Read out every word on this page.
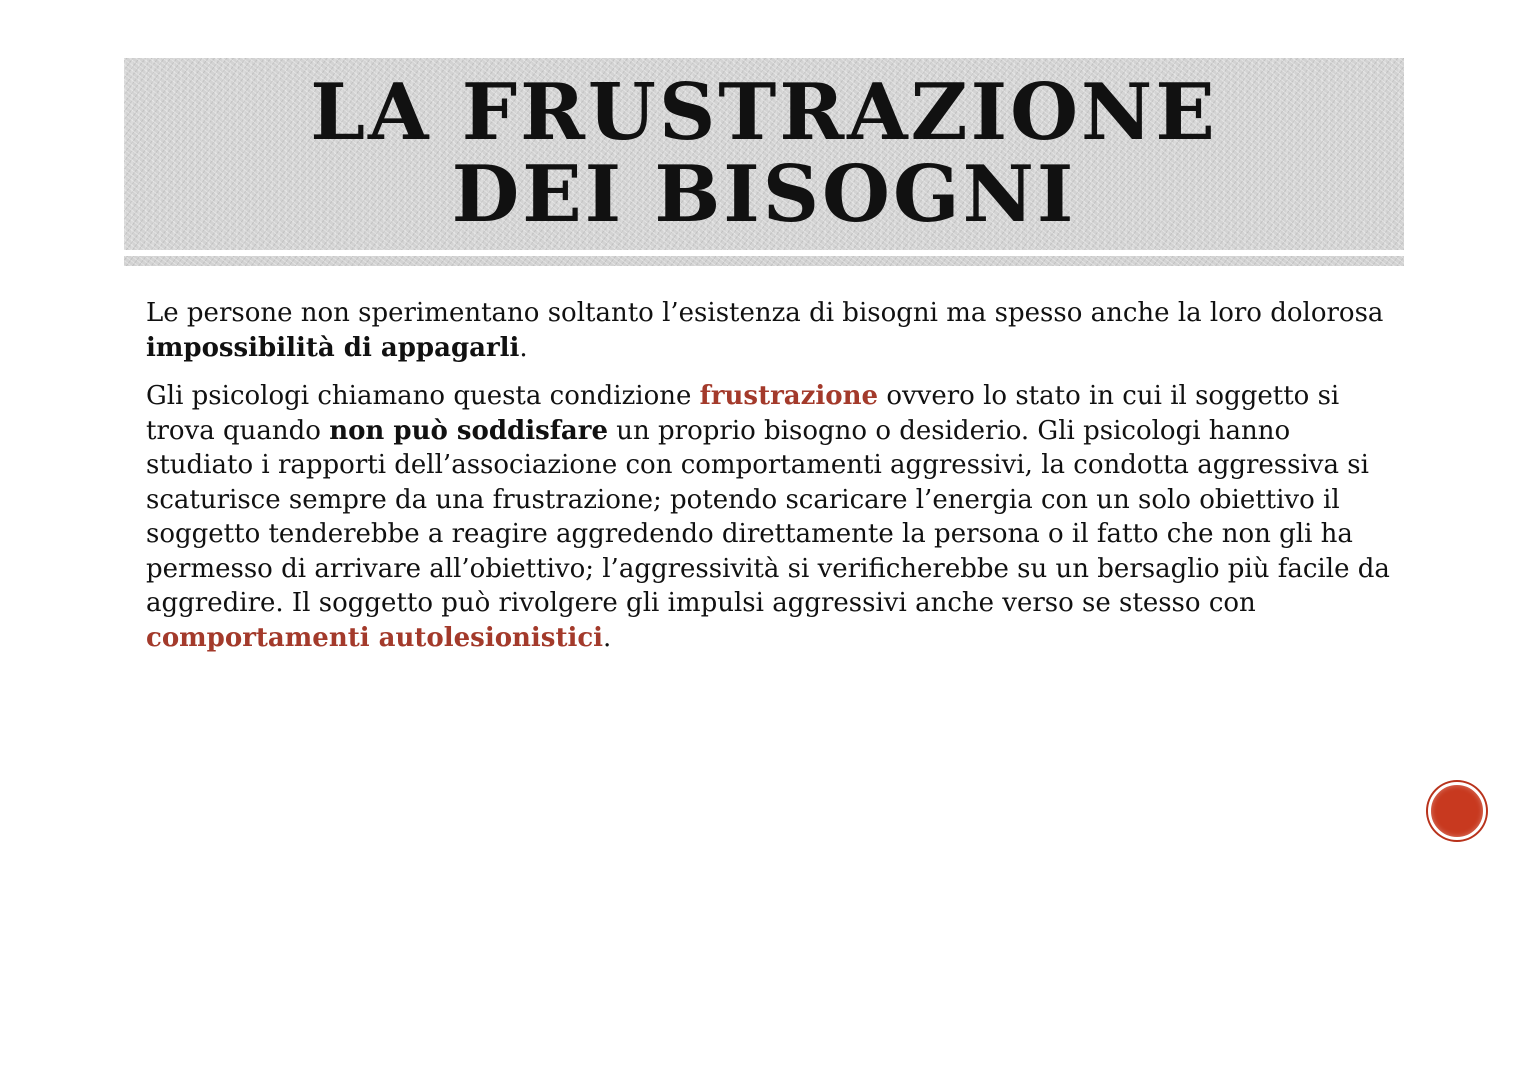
LA FRUSTRAZIONE DEI BISOGNI

Le persone non sperimentano soltanto l’esistenza di bisogni ma spesso anche la loro dolorosa impossibilità di appagarli.

Gli psicologi chiamano questa condizione frustrazione ovvero lo stato in cui il soggetto si trova quando non può soddisfare un proprio bisogno o desiderio. Gli psicologi hanno studiato i rapporti dell’associazione con comportamenti aggressivi, la condotta aggressiva si scaturisce sempre da una frustrazione; potendo scaricare l’energia con un solo obiettivo il soggetto tenderebbe a reagire aggredendo direttamente la persona o il fatto che non gli ha permesso di arrivare all’obiettivo; l’aggressività si verificherebbe su un bersaglio più facile da aggredire. Il soggetto può rivolgere gli impulsi aggressivi anche verso se stesso con comportamenti autolesionistici.
